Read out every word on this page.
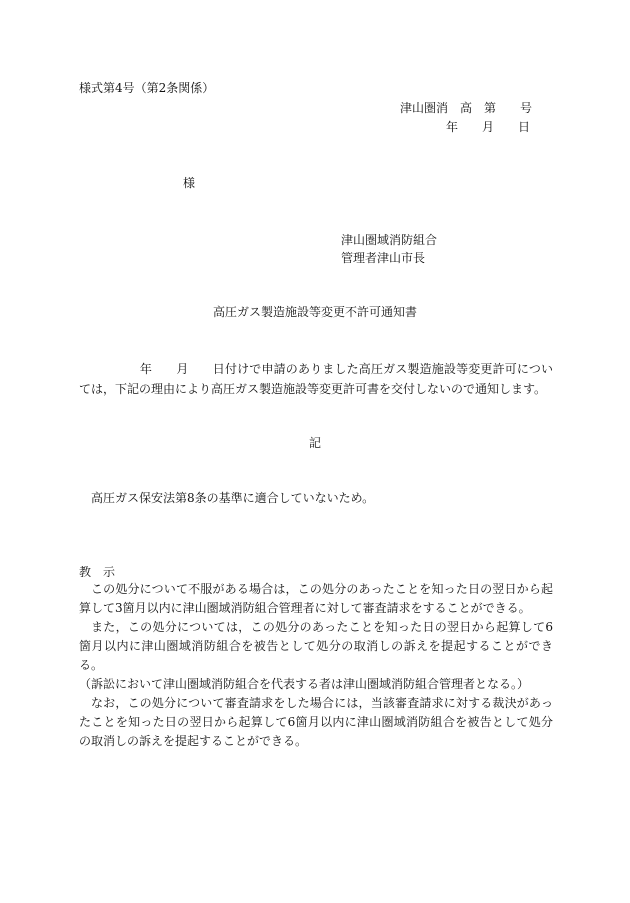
様式第4号（第2条関係）
津山圏消　高　第　　号
年　　月　　日
様
津山圏域消防組合
管理者津山市長
高圧ガス製造施設等変更不許可通知書
　　　　　年　　月　　日付けで申請のありました高圧ガス製造施設等変更許可については，下記の理由により高圧ガス製造施設等変更許可書を交付しないので通知します。
記
高圧ガス保安法第8条の基準に適合していないため。
教　示

この処分について不服がある場合は，この処分のあったことを知った日の翌日から起算して3箇月以内に津山圏域消防組合管理者に対して審査請求をすることができる。

また，この処分については，この処分のあったことを知った日の翌日から起算して6箇月以内に津山圏域消防組合を被告として処分の取消しの訴えを提起することができる。

（訴訟において津山圏域消防組合を代表する者は津山圏域消防組合管理者となる。）

なお，この処分について審査請求をした場合には，当該審査請求に対する裁決があったことを知った日の翌日から起算して6箇月以内に津山圏域消防組合を被告として処分の取消しの訴えを提起することができる。
